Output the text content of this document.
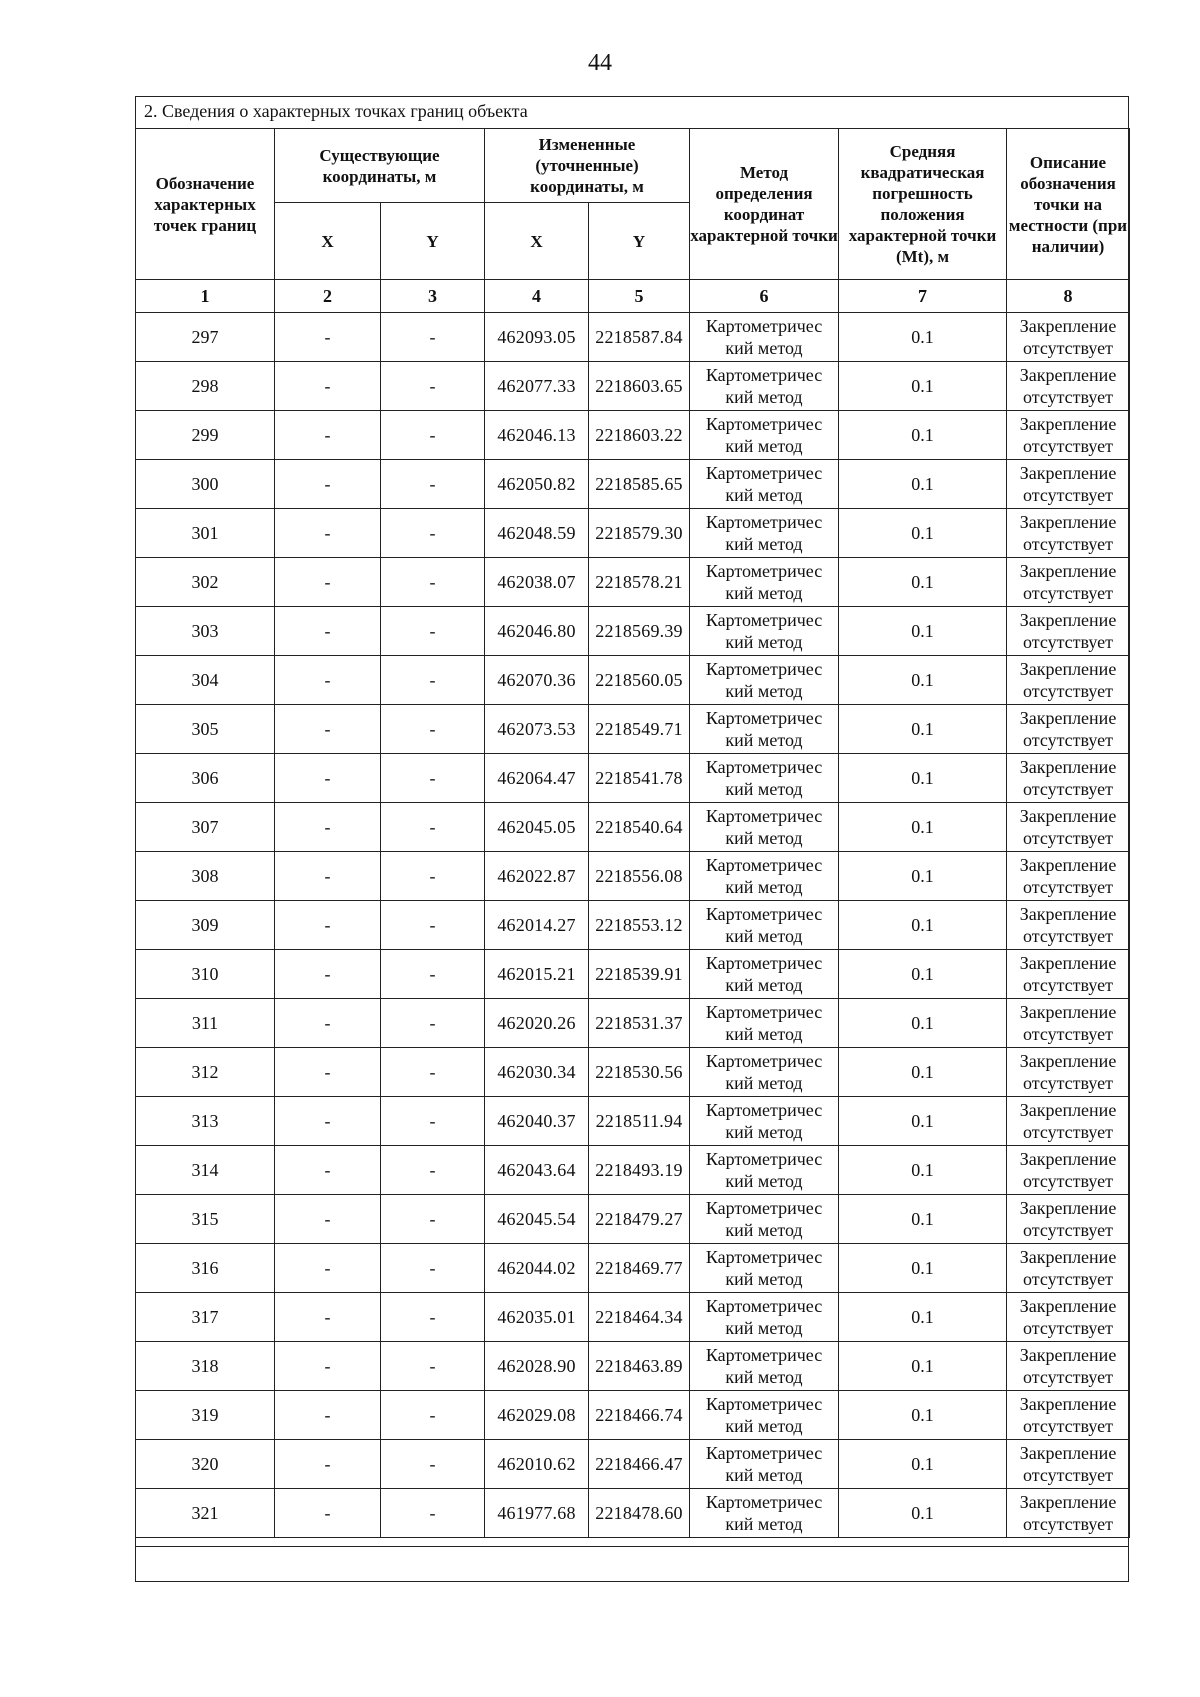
44
2. Сведения о характерных точках границ объекта
Обозначение характерных точек границ	Существующие координаты, м		Измененные (уточненные) координаты, м		Метод определения координат характерной точки	Средняя квадратическая погрешность положения характерной точки (Mt), м	Описание обозначения точки на местности (при наличии)
	X	Y	X	Y			
1	2	3	4	5	6	7	8
297	-	-	462093.05	2218587.84	Картометричес кий метод	0.1	Закрепление отсутствует
298	-	-	462077.33	2218603.65	Картометричес кий метод	0.1	Закрепление отсутствует
299	-	-	462046.13	2218603.22	Картометричес кий метод	0.1	Закрепление отсутствует
300	-	-	462050.82	2218585.65	Картометричес кий метод	0.1	Закрепление отсутствует
301	-	-	462048.59	2218579.30	Картометричес кий метод	0.1	Закрепление отсутствует
302	-	-	462038.07	2218578.21	Картометричес кий метод	0.1	Закрепление отсутствует
303	-	-	462046.80	2218569.39	Картометричес кий метод	0.1	Закрепление отсутствует
304	-	-	462070.36	2218560.05	Картометричес кий метод	0.1	Закрепление отсутствует
305	-	-	462073.53	2218549.71	Картометричес кий метод	0.1	Закрепление отсутствует
306	-	-	462064.47	2218541.78	Картометричес кий метод	0.1	Закрепление отсутствует
307	-	-	462045.05	2218540.64	Картометричес кий метод	0.1	Закрепление отсутствует
308	-	-	462022.87	2218556.08	Картометричес кий метод	0.1	Закрепление отсутствует
309	-	-	462014.27	2218553.12	Картометричес кий метод	0.1	Закрепление отсутствует
310	-	-	462015.21	2218539.91	Картометричес кий метод	0.1	Закрепление отсутствует
311	-	-	462020.26	2218531.37	Картометричес кий метод	0.1	Закрепление отсутствует
312	-	-	462030.34	2218530.56	Картометричес кий метод	0.1	Закрепление отсутствует
313	-	-	462040.37	2218511.94	Картометричес кий метод	0.1	Закрепление отсутствует
314	-	-	462043.64	2218493.19	Картометричес кий метод	0.1	Закрепление отсутствует
315	-	-	462045.54	2218479.27	Картометричес кий метод	0.1	Закрепление отсутствует
316	-	-	462044.02	2218469.77	Картометричес кий метод	0.1	Закрепление отсутствует
317	-	-	462035.01	2218464.34	Картометричес кий метод	0.1	Закрепление отсутствует
318	-	-	462028.90	2218463.89	Картометричес кий метод	0.1	Закрепление отсутствует
319	-	-	462029.08	2218466.74	Картометричес кий метод	0.1	Закрепление отсутствует
320	-	-	462010.62	2218466.47	Картометричес кий метод	0.1	Закрепление отсутствует
321	-	-	461977.68	2218478.60	Картометричес кий метод	0.1	Закрепление отсутствует
